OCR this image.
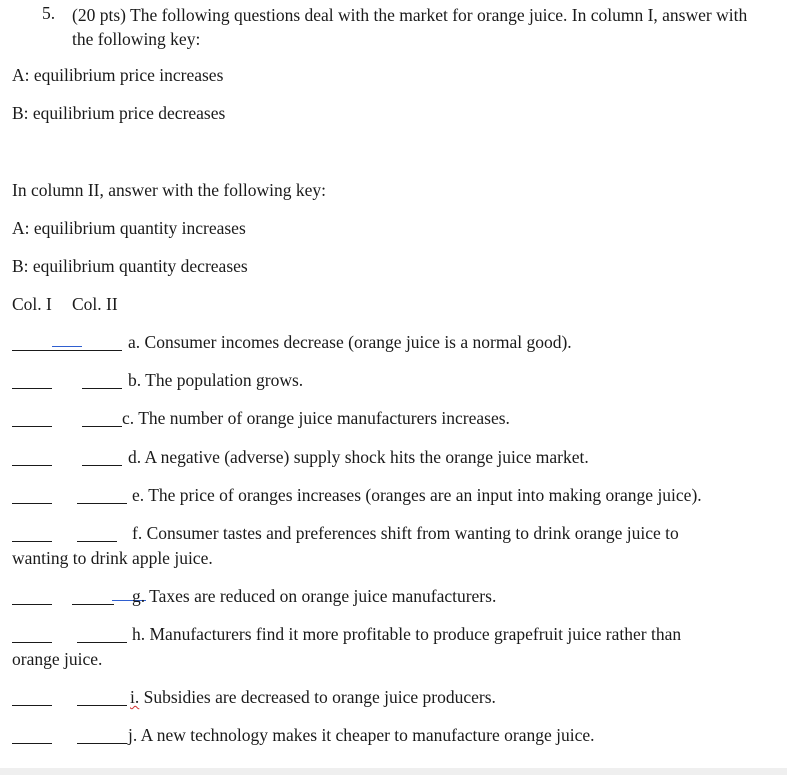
5. (20 pts) The following questions deal with the market for orange juice. In column I, answer with the following key:
A: equilibrium price increases
B: equilibrium price decreases
In column II, answer with the following key:
A: equilibrium quantity increases
B: equilibrium quantity decreases
Col. I Col. II
a. Consumer incomes decrease (orange juice is a normal good).
b. The population grows.
c. The number of orange juice manufacturers increases.
d. A negative (adverse) supply shock hits the orange juice market.
e. The price of oranges increases (oranges are an input into making orange juice).
f. Consumer tastes and preferences shift from wanting to drink orange juice to
wanting to drink apple juice.
g. Taxes are reduced on orange juice manufacturers.
h. Manufacturers find it more profitable to produce grapefruit juice rather than
orange juice.
i. Subsidies are decreased to orange juice producers.
j. A new technology makes it cheaper to manufacture orange juice.
